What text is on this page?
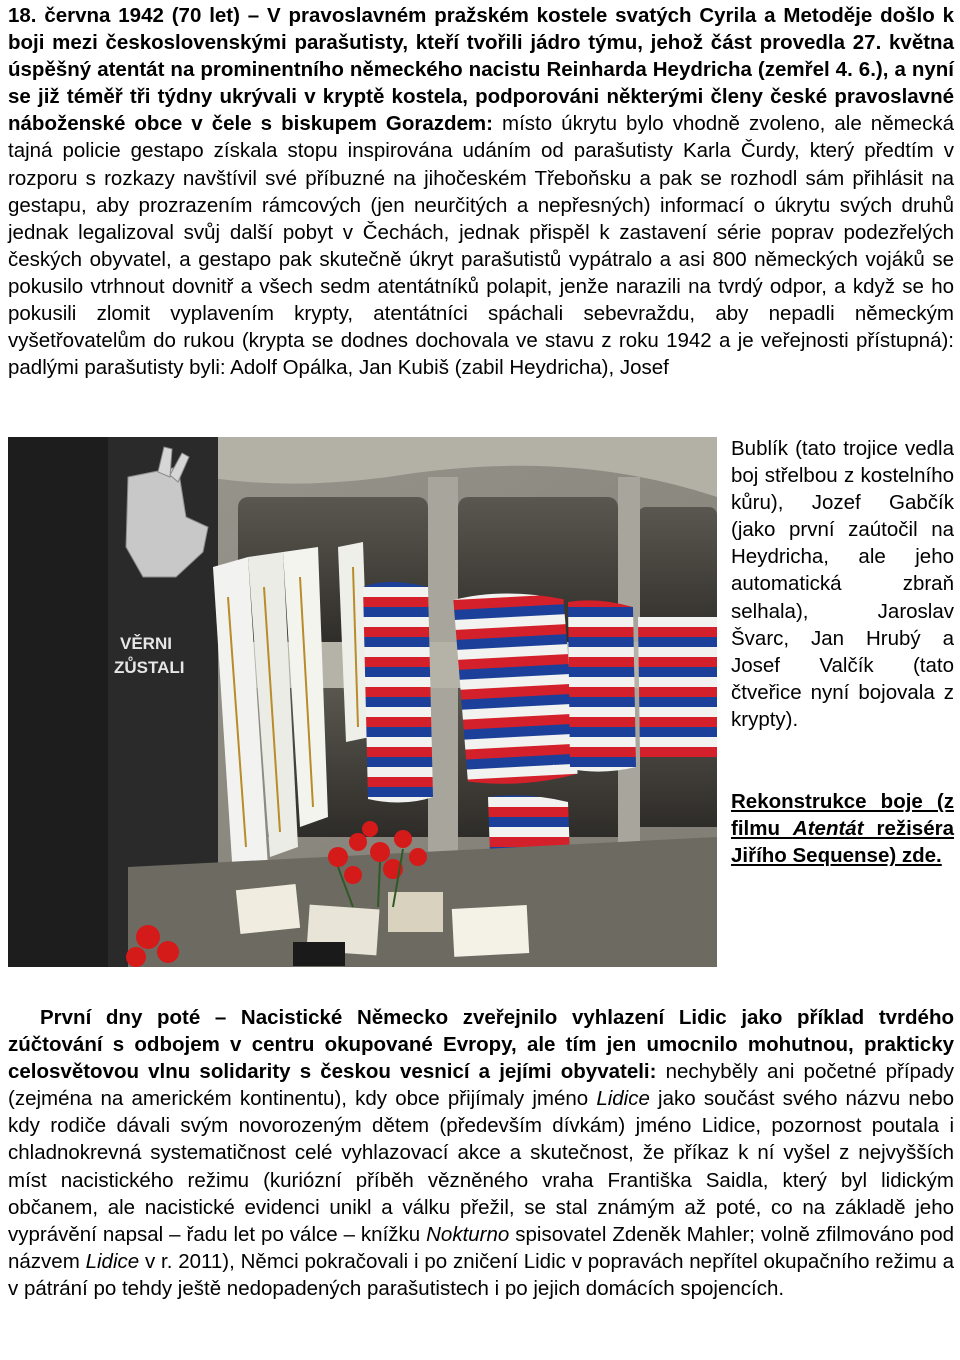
18. června 1942 (70 let) – V pravoslavném pražském kostele svatých Cyrila a Metoděje došlo k boji mezi československými parašutisty, kteří tvořili jádro týmu, jehož část provedla 27. května úspěšný atentát na prominentního německého nacistu Reinharda Heydricha (zemřel 4. 6.), a nyní se již téměř tři týdny ukrývali v kryptě kostela, podporováni některými členy české pravoslavné náboženské obce v čele s biskupem Gorazdem: místo úkrytu bylo vhodně zvoleno, ale německá tajná policie gestapo získala stopu inspirována udáním od parašutisty Karla Čurdy, který předtím v rozporu s rozkazy navštívil své příbuzné na jihočeském Třeboňsku a pak se rozhodl sám přihlásit na gestapu, aby prozrazením rámcových (jen neurčitých a nepřesných) informací o úkrytu svých druhů jednak legalizoval svůj další pobyt v Čechách, jednak přispěl k zastavení série poprav podezřelých českých obyvatel, a gestapo pak skutečně úkryt parašutistů vypátralo a asi 800 německých vojáků se pokusilo vtrhnout dovnitř a všech sedm atentátníků polapit, jenže narazili na tvrdý odpor, a když se ho pokusili zlomit vyplavením krypty, atentátníci spáchali sebevraždu, aby nepadli německým vyšetřovatelům do rukou (krypta se dodnes dochovala ve stavu z roku 1942 a je veřejnosti přístupná): padlými parašutisty byli: Adolf Opálka, Jan Kubiš (zabil Heydricha), Josef
VĚRNI
ZŮSTALI
Bublík (tato trojice vedla boj střelbou z kostelního kůru), Jozef Gabčík (jako první zaútočil na Heydricha, ale jeho automatická zbraň selhala), Jaroslav Švarc, Jan Hrubý a Josef Valčík (tato čtveřice nyní bojovala z krypty).
Rekonstrukce boje (z filmu Atentát režiséra Jiřího Sequense) zde.
První dny poté – Nacistické Německo zveřejnilo vyhlazení Lidic jako příklad tvrdého zúčtování s odbojem v centru okupované Evropy, ale tím jen umocnilo mohutnou, prakticky celosvětovou vlnu solidarity s českou vesnicí a jejími obyvateli: nechyběly ani početné případy (zejména na americkém kontinentu), kdy obce přijímaly jméno Lidice jako součást svého názvu nebo kdy rodiče dávali svým novorozeným dětem (především dívkám) jméno Lidice, pozornost poutala i chladnokrevná systematičnost celé vyhlazovací akce a skutečnost, že příkaz k ní vyšel z nejvyšších míst nacistického režimu (kuriózní příběh vězněného vraha Františka Saidla, který byl lidickým občanem, ale nacistické evidenci unikl a válku přežil, se stal známým až poté, co na základě jeho vyprávění napsal – řadu let po válce – knížku Nokturno spisovatel Zdeněk Mahler; volně zfilmováno pod názvem Lidice v r. 2011), Němci pokračovali i po zničení Lidic v popravách nepřítel okupačního režimu a v pátrání po tehdy ještě nedopadených parašutistech i po jejich domácích spojencích.
